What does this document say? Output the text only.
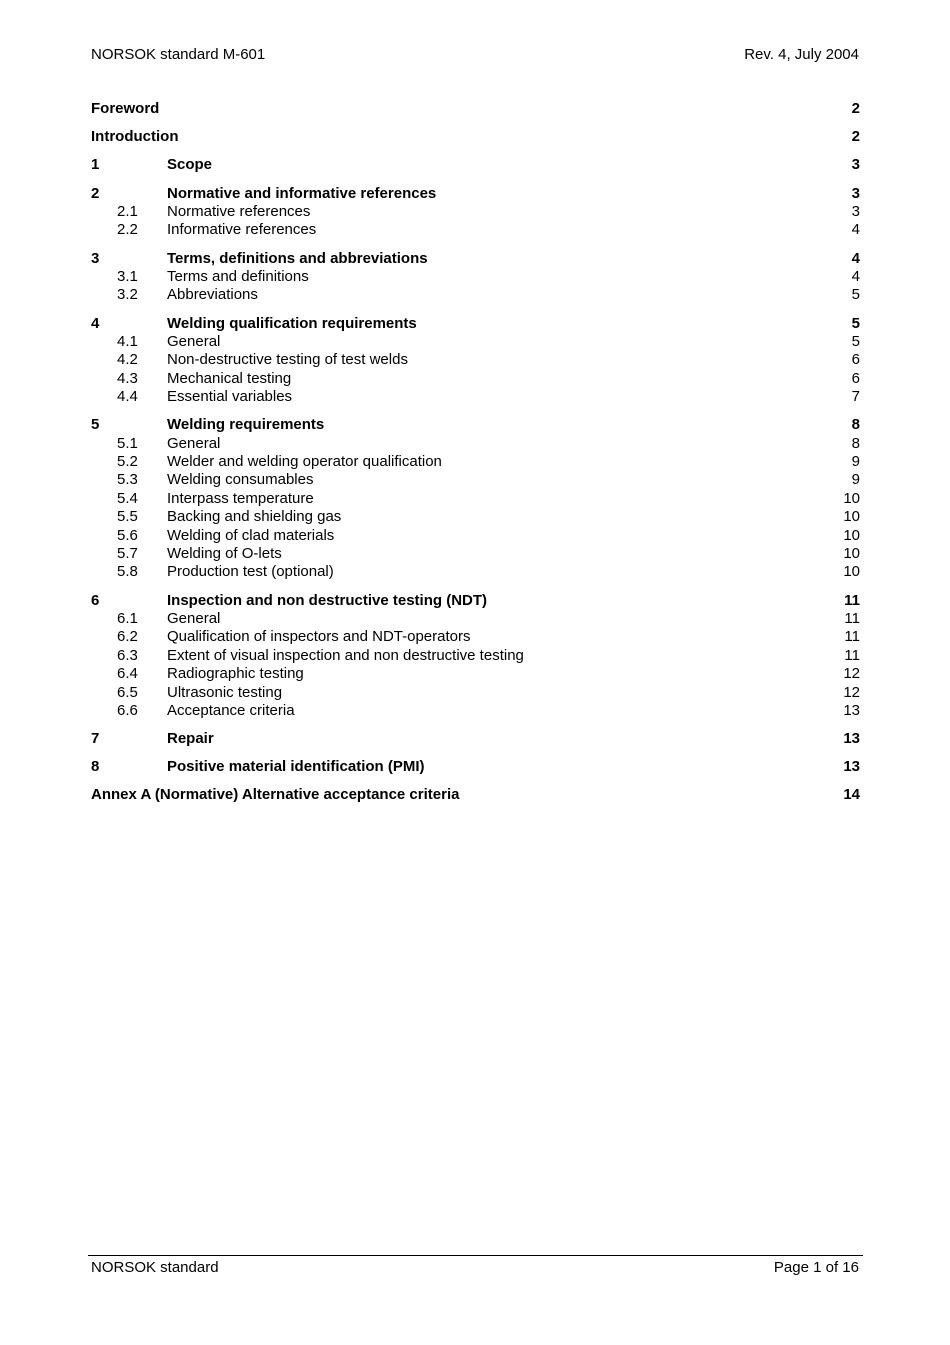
NORSOK standard M-601	Rev. 4, July 2004
Foreword	2
Introduction	2
1	Scope	3
2	Normative and informative references	3
2.1 Normative references	3
2.2 Informative references	4
3	Terms, definitions and abbreviations	4
3.1 Terms and definitions	4
3.2 Abbreviations	5
4	Welding qualification requirements	5
4.1 General	5
4.2 Non-destructive testing of test welds	6
4.3 Mechanical testing	6
4.4 Essential variables	7
5	Welding requirements	8
5.1 General	8
5.2 Welder and welding operator qualification	9
5.3 Welding consumables	9
5.4 Interpass temperature	10
5.5 Backing and shielding gas	10
5.6 Welding of clad materials	10
5.7 Welding of O-lets	10
5.8 Production test (optional)	10
6	Inspection and non destructive testing (NDT)	11
6.1 General	11
6.2 Qualification of inspectors and NDT-operators	11
6.3 Extent of visual inspection and non destructive testing	11
6.4 Radiographic testing	12
6.5 Ultrasonic testing	12
6.6 Acceptance criteria	13
7	Repair	13
8	Positive material identification (PMI)	13
Annex A (Normative) Alternative acceptance criteria	14
NORSOK standard	Page 1 of 16
